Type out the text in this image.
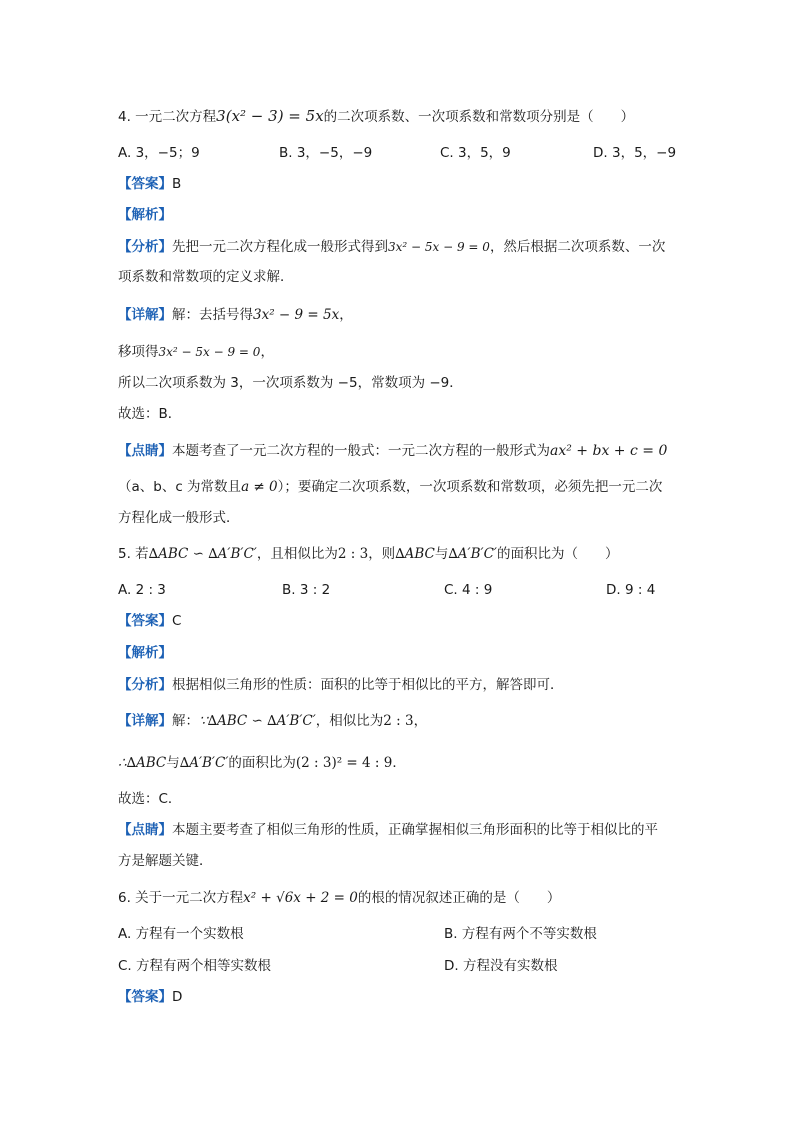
4. 一元二次方程3(x² − 3) = 5x的二次项系数、一次项系数和常数项分别是（　　）
A. 3，−5；9	B. 3，−5，−9	C. 3，5，9	D. 3，5，−9
【答案】B
【解析】
【分析】先把一元二次方程化成一般形式得到3x² − 5x − 9 = 0，然后根据二次项系数、一次
项系数和常数项的定义求解．
【详解】解：去括号得3x² − 9 = 5x，
移项得3x² − 5x − 9 = 0，
所以二次项系数为 3，一次项系数为 −5，常数项为 −9．
故选：B．
【点睛】本题考查了一元二次方程的一般式：一元二次方程的一般形式为ax² + bx + c = 0
（a、b、c 为常数且a ≠ 0）；要确定二次项系数，一次项系数和常数项，必须先把一元二次
方程化成一般形式．
5. 若∆ABC ∽ ∆A′B′C′，且相似比为2 : 3，则∆ABC与∆A′B′C′的面积比为（　　）
A. 2 : 3	B. 3 : 2	C. 4 : 9	D. 9 : 4
【答案】C
【解析】
【分析】根据相似三角形的性质：面积的比等于相似比的平方，解答即可．
【详解】解：∵∆ABC ∽ ∆A′B′C′，相似比为2 : 3，
∴∆ABC与∆A′B′C′的面积比为(2 : 3)² = 4 : 9．
故选：C．
【点睛】本题主要考查了相似三角形的性质，正确掌握相似三角形面积的比等于相似比的平
方是解题关键．
6. 关于一元二次方程x² + √6x + 2 = 0的根的情况叙述正确的是（　　）
A. 方程有一个实数根	B. 方程有两个不等实数根
C. 方程有两个相等实数根	D. 方程没有实数根
【答案】D
